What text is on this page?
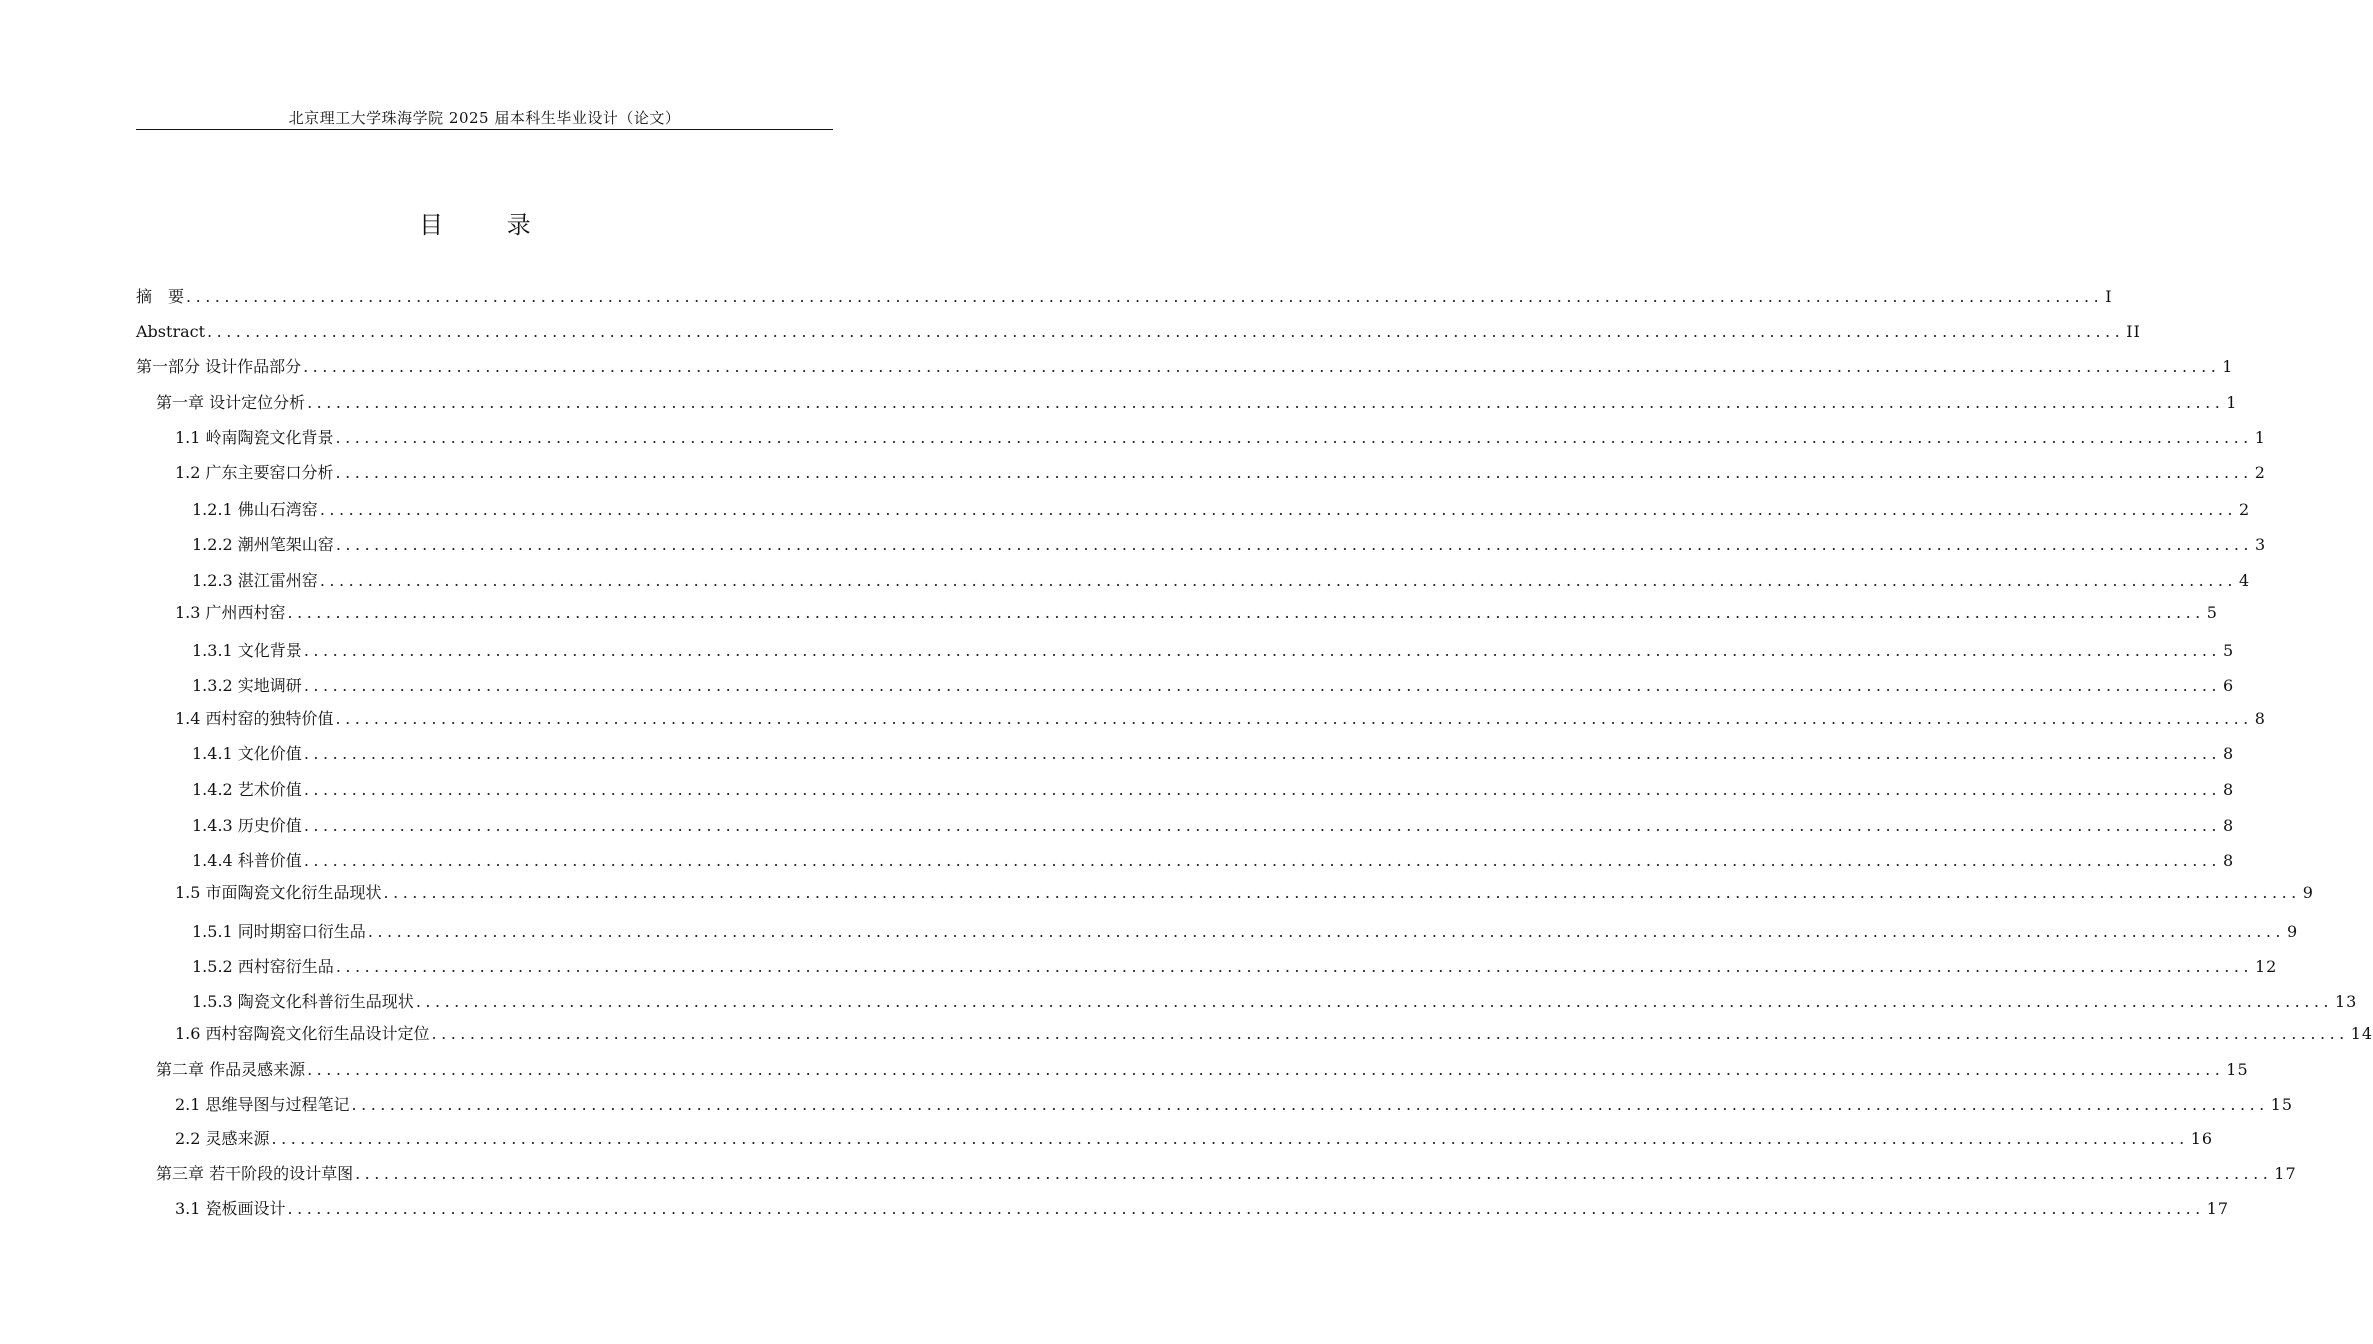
北京理工大学珠海学院 2025 届本科生毕业设计（论文）
目 录
摘　要 ........................................................................................................................................................................................................ I
Abstract ........................................................................................................................................................................................................ II
第一部分 设计作品部分 ........................................................................................................................................................................................................ 1
第一章 设计定位分析 ........................................................................................................................................................................................................ 1
1.1 岭南陶瓷文化背景 ........................................................................................................................................................................................................ 1
1.2 广东主要窑口分析 ........................................................................................................................................................................................................ 2
1.2.1 佛山石湾窑 ........................................................................................................................................................................................................ 2
1.2.2 潮州笔架山窑 ........................................................................................................................................................................................................ 3
1.2.3 湛江雷州窑 ........................................................................................................................................................................................................ 4
1.3 广州西村窑 ........................................................................................................................................................................................................ 5
1.3.1 文化背景 ........................................................................................................................................................................................................ 5
1.3.2 实地调研 ........................................................................................................................................................................................................ 6
1.4 西村窑的独特价值 ........................................................................................................................................................................................................ 8
1.4.1 文化价值 ........................................................................................................................................................................................................ 8
1.4.2 艺术价值 ........................................................................................................................................................................................................ 8
1.4.3 历史价值 ........................................................................................................................................................................................................ 8
1.4.4 科普价值 ........................................................................................................................................................................................................ 8
1.5 市面陶瓷文化衍生品现状 ........................................................................................................................................................................................................ 9
1.5.1 同时期窑口衍生品 ........................................................................................................................................................................................................ 9
1.5.2 西村窑衍生品 ........................................................................................................................................................................................................ 12
1.5.3 陶瓷文化科普衍生品现状 ........................................................................................................................................................................................................ 13
1.6 西村窑陶瓷文化衍生品设计定位 ........................................................................................................................................................................................................ 14
第二章 作品灵感来源 ........................................................................................................................................................................................................ 15
2.1 思维导图与过程笔记 ........................................................................................................................................................................................................ 15
2.2 灵感来源 ........................................................................................................................................................................................................ 16
第三章 若干阶段的设计草图 ........................................................................................................................................................................................................ 17
3.1 瓷板画设计 ........................................................................................................................................................................................................ 17
